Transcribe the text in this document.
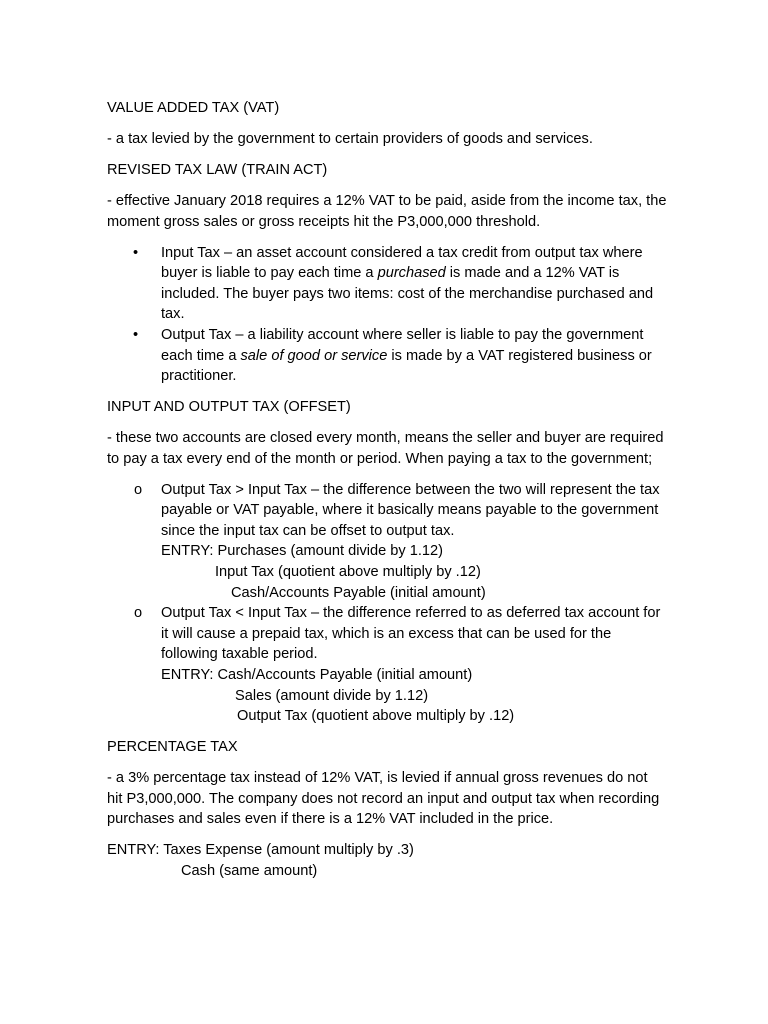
VALUE ADDED TAX (VAT)

- a tax levied by the government to certain providers of goods and services.

REVISED TAX LAW (TRAIN ACT)

- effective January 2018 requires a 12% VAT to be paid, aside from the income tax, the moment gross sales or gross receipts hit the P3,000,000 threshold.

• Input Tax – an asset account considered a tax credit from output tax where buyer is liable to pay each time a purchased is made and a 12% VAT is included. The buyer pays two items: cost of the merchandise purchased and tax.
• Output Tax – a liability account where seller is liable to pay the government each time a sale of good or service is made by a VAT registered business or practitioner.

INPUT AND OUTPUT TAX (OFFSET)

- these two accounts are closed every month, means the seller and buyer are required to pay a tax every end of the month or period. When paying a tax to the government;

o Output Tax > Input Tax – the difference between the two will represent the tax payable or VAT payable, where it basically means payable to the government since the input tax can be offset to output tax.
ENTRY: Purchases (amount divide by 1.12)
Input Tax (quotient above multiply by .12)
Cash/Accounts Payable (initial amount)
o Output Tax < Input Tax – the difference referred to as deferred tax account for it will cause a prepaid tax, which is an excess that can be used for the following taxable period.
ENTRY: Cash/Accounts Payable (initial amount)
Sales (amount divide by 1.12)
Output Tax (quotient above multiply by .12)

PERCENTAGE TAX

- a 3% percentage tax instead of 12% VAT, is levied if annual gross revenues do not hit P3,000,000. The company does not record an input and output tax when recording purchases and sales even if there is a 12% VAT included in the price.

ENTRY: Taxes Expense (amount multiply by .3)

Cash (same amount)
